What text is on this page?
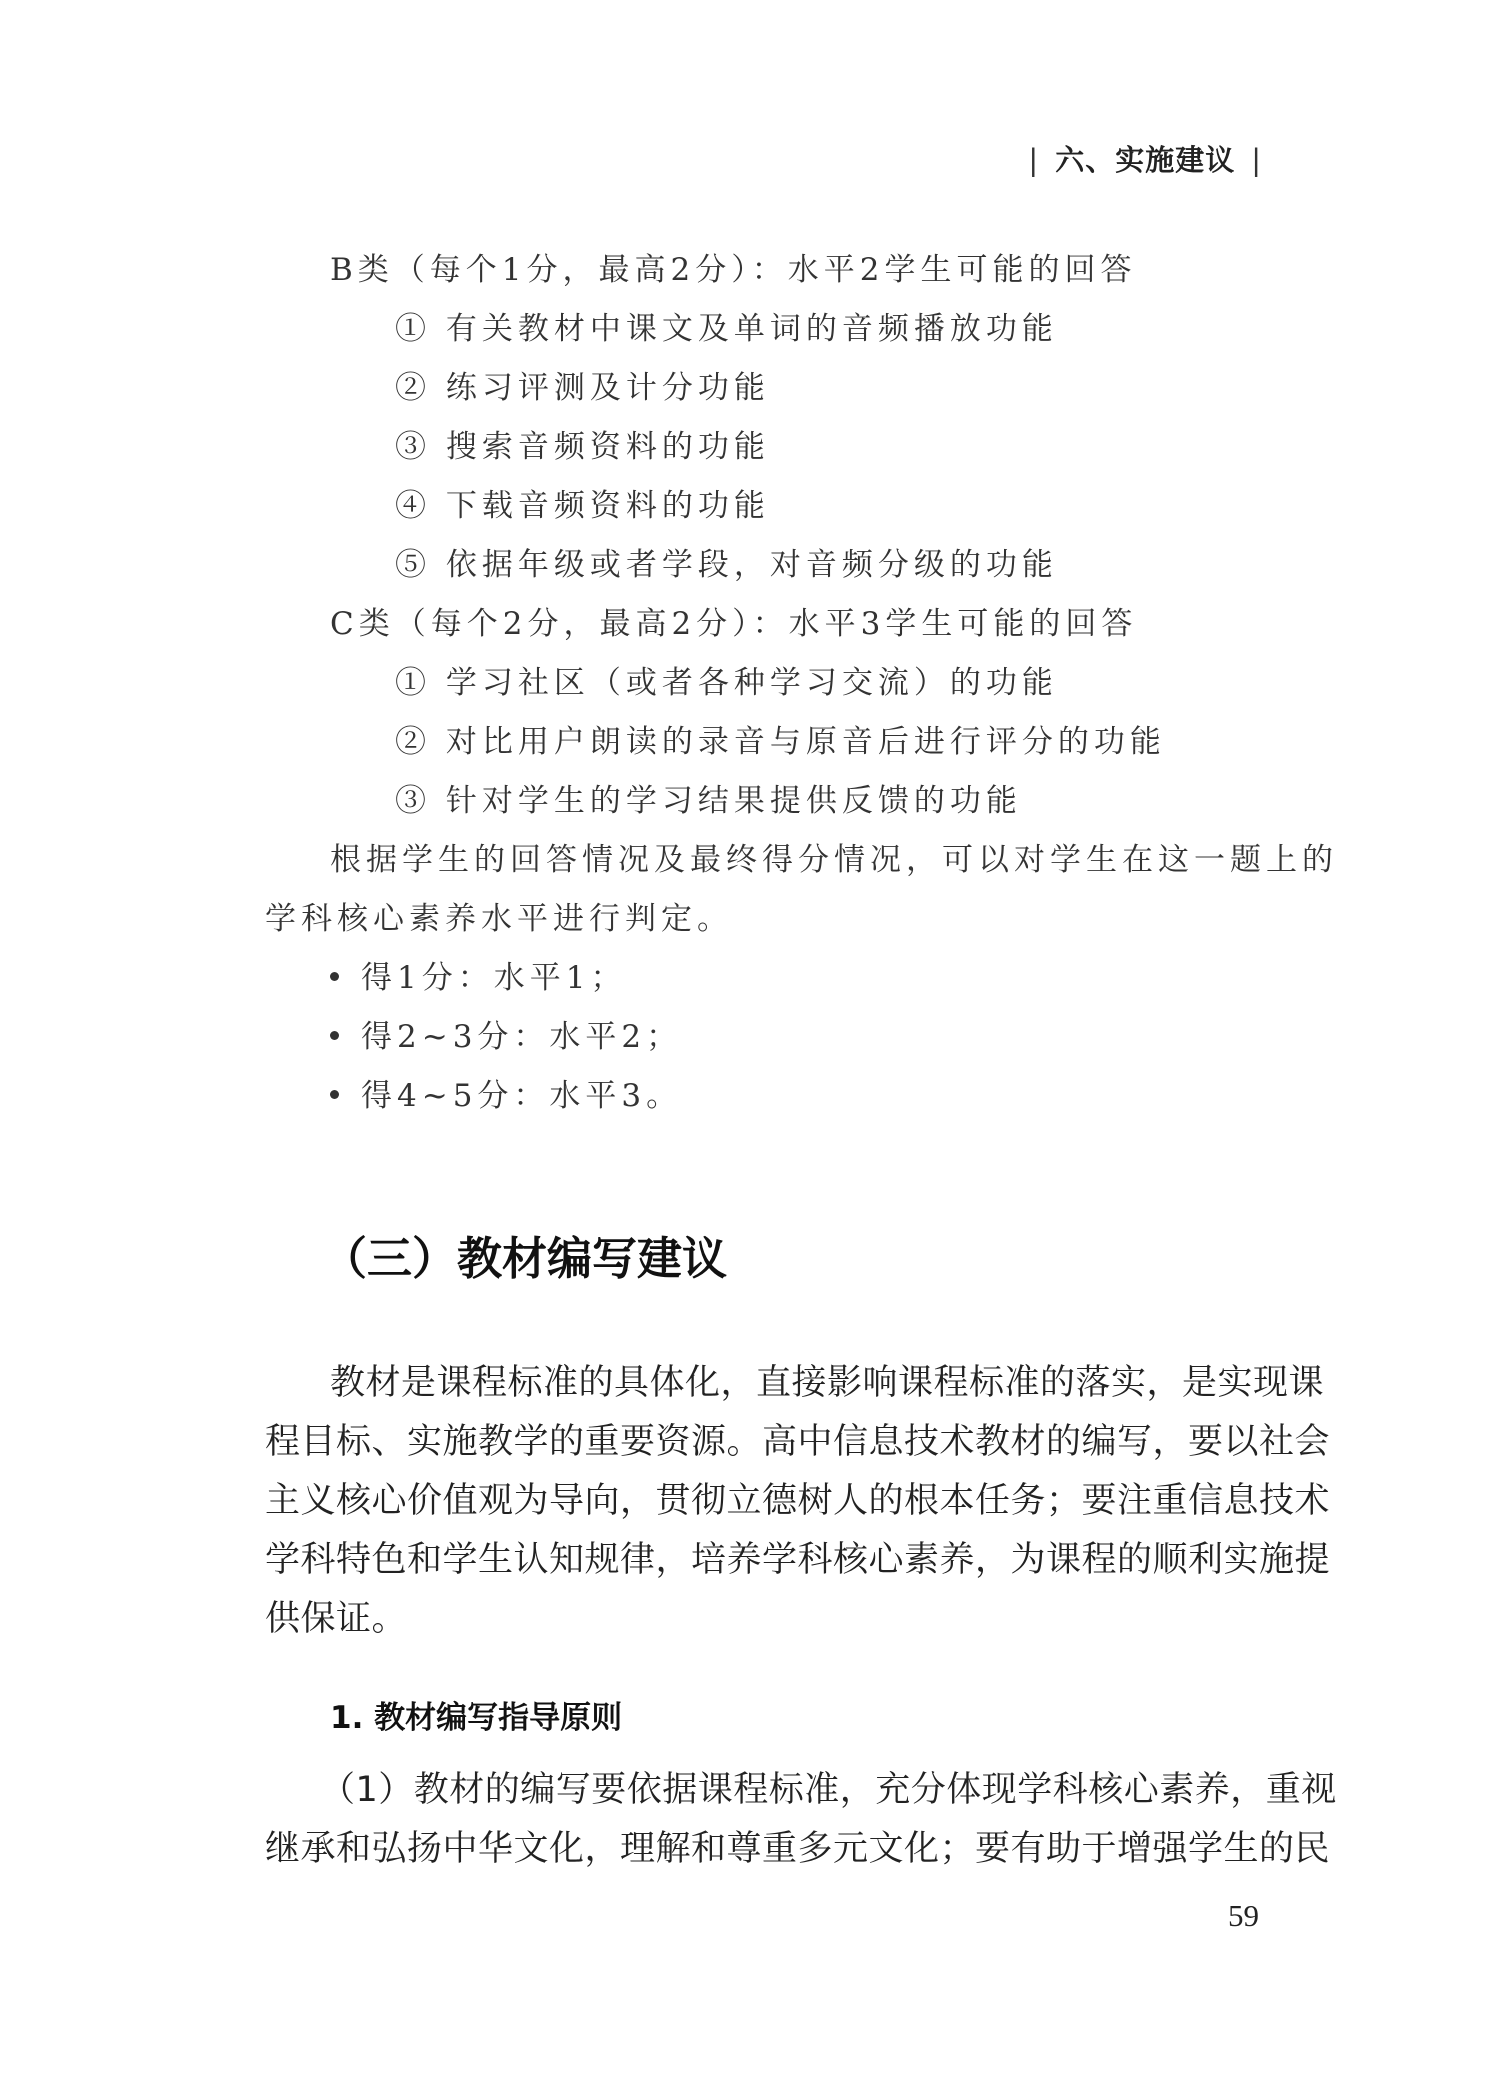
| 六、实施建议 |
B类（每个1分，最高2分）：水平2学生可能的回答
① 有关教材中课文及单词的音频播放功能
② 练习评测及计分功能
③ 搜索音频资料的功能
④ 下载音频资料的功能
⑤ 依据年级或者学段，对音频分级的功能
C类（每个2分，最高2分）：水平3学生可能的回答
① 学习社区（或者各种学习交流）的功能
② 对比用户朗读的录音与原音后进行评分的功能
③ 针对学生的学习结果提供反馈的功能
根据学生的回答情况及最终得分情况，可以对学生在这一题上的
学科核心素养水平进行判定。
得1分：水平1；
得2~3分：水平2；
得4~5分：水平3。
（三）教材编写建议
教材是课程标准的具体化，直接影响课程标准的落实，是实现课
程目标、实施教学的重要资源。高中信息技术教材的编写，要以社会
主义核心价值观为导向，贯彻立德树人的根本任务；要注重信息技术
学科特色和学生认知规律，培养学科核心素养，为课程的顺利实施提
供保证。
1. 教材编写指导原则
（1）教材的编写要依据课程标准，充分体现学科核心素养，重视
继承和弘扬中华文化，理解和尊重多元文化；要有助于增强学生的民
59
